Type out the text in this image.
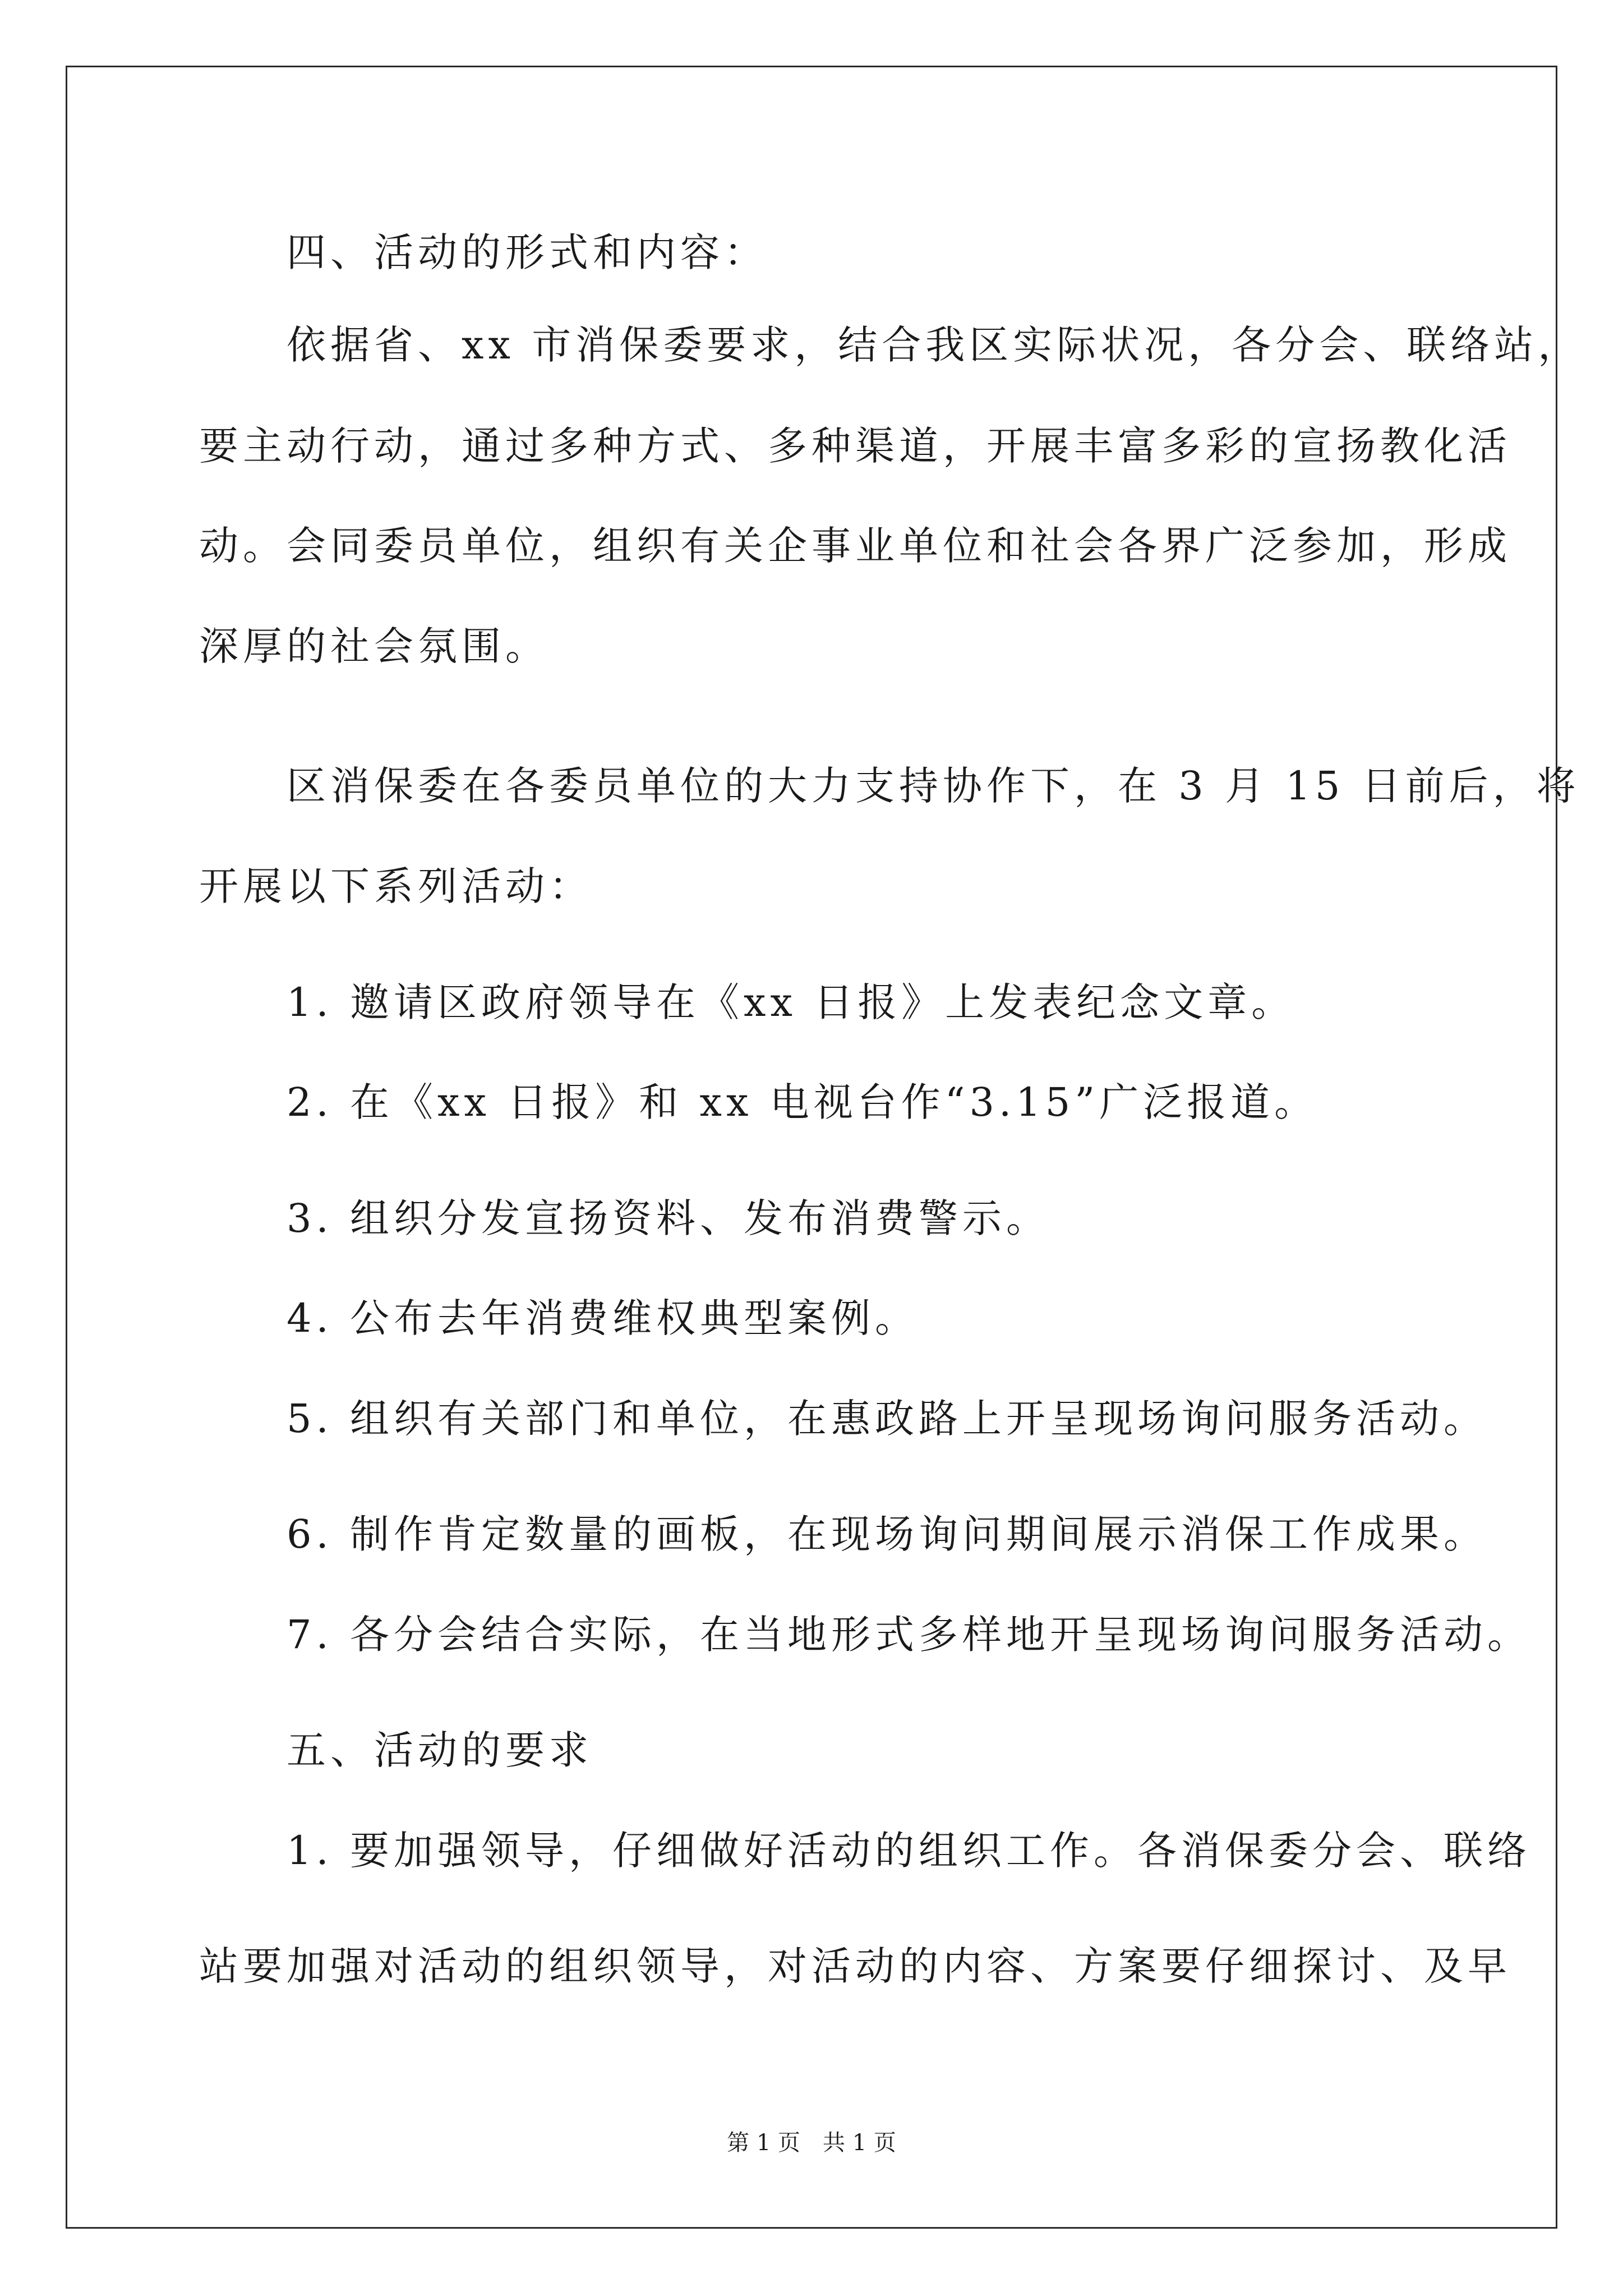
　　四、活动的形式和内容：
　　依据省、xx 市消保委要求，结合我区实际状况，各分会、联络站，
要主动行动，通过多种方式、多种渠道，开展丰富多彩的宣扬教化活
动。会同委员单位，组织有关企事业单位和社会各界广泛参加，形成
深厚的社会氛围。
　　区消保委在各委员单位的大力支持协作下，在 3 月 15 日前后，将
开展以下系列活动：
　　1. 邀请区政府领导在《xx 日报》上发表纪念文章。
　　2. 在《xx 日报》和 xx 电视台作“3.15”广泛报道。
　　3. 组织分发宣扬资料、发布消费警示。
　　4. 公布去年消费维权典型案例。
　　5. 组织有关部门和单位，在惠政路上开呈现场询问服务活动。
　　6. 制作肯定数量的画板，在现场询问期间展示消保工作成果。
　　7. 各分会结合实际，在当地形式多样地开呈现场询问服务活动。
　　五、活动的要求
　　1. 要加强领导，仔细做好活动的组织工作。各消保委分会、联络
站要加强对活动的组织领导，对活动的内容、方案要仔细探讨、及早
第 1 页　共 1 页
